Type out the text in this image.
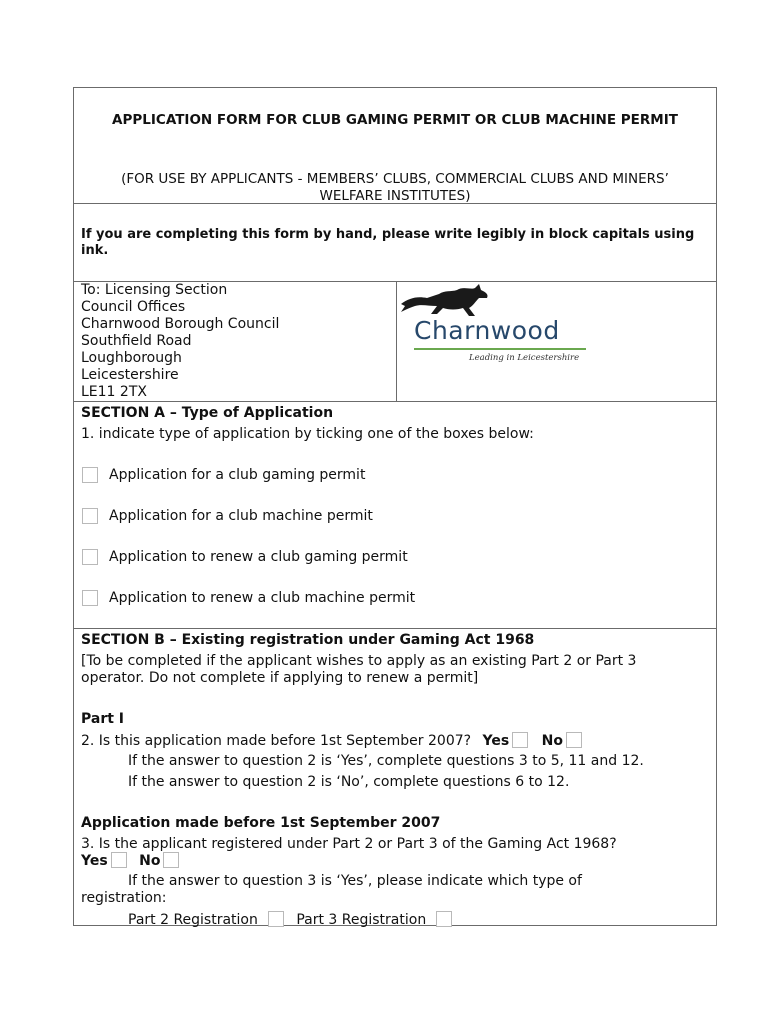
APPLICATION FORM FOR CLUB GAMING PERMIT OR CLUB MACHINE PERMIT
(FOR USE BY APPLICANTS - MEMBERS’ CLUBS, COMMERCIAL CLUBS AND MINERS’ WELFARE INSTITUTES)
If you are completing this form by hand, please write legibly in block capitals using ink.
To: Licensing Section
Council Offices
Charnwood Borough Council
Southfield Road
Loughborough
Leicestershire
LE11 2TX
Charnwood
Leading in Leicestershire
SECTION A – Type of Application
1. indicate type of application by ticking one of the boxes below:
Application for a club gaming permit
Application for a club machine permit
Application to renew a club gaming permit
Application to renew a club machine permit
SECTION B – Existing registration under Gaming Act 1968
[To be completed if the applicant wishes to apply as an existing Part 2 or Part 3
operator. Do not complete if applying to renew a permit]
Part I
2. Is this application made before 1st September 2007? Yes No
If the answer to question 2 is ‘Yes’, complete questions 3 to 5, 11 and 12.
If the answer to question 2 is ‘No’, complete questions 6 to 12.
Application made before 1st September 2007
3. Is the applicant registered under Part 2 or Part 3 of the Gaming Act 1968?
Yes No
If the answer to question 3 is ‘Yes’, please indicate which type of
registration:
Part 2 Registration	Part 3 Registration
